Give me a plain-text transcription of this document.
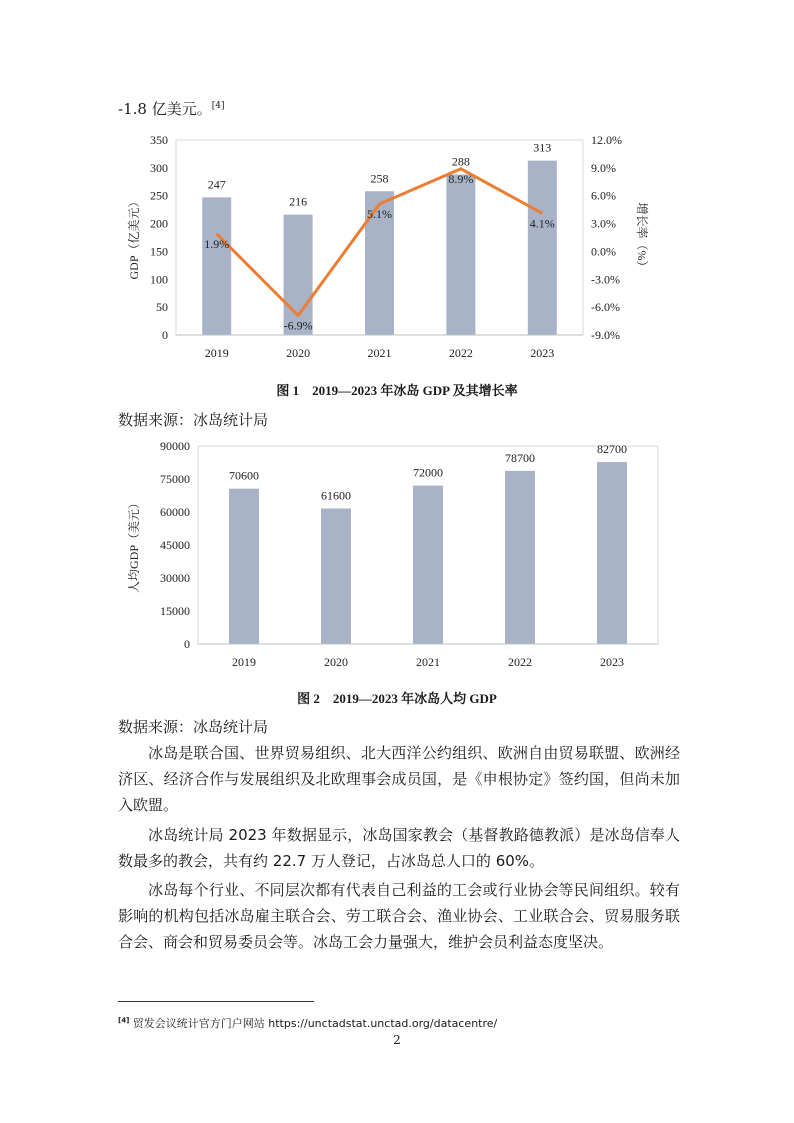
-1.8 亿美元。[4]
0
50
100
150
200
250
300
350
247
216
258
288
313
2019	2020	2021	2022	2023
GDP（亿美元）
-9.0%
-6.0%
-3.0%
0.0%
3.0%
6.0%
9.0%
12.0%
1.9%
-6.9%
5.1%
8.9%
4.1%	增长率（%）
图 1　2019—2023 年冰岛 GDP 及其增长率
数据来源：冰岛统计局
0
15000
30000
45000
60000
75000
90000
70600
61600
72000
78700
82700
2019	2020	2021	2022	2023
人均GDP（美元）
图 2　2019—2023 年冰岛人均 GDP
数据来源：冰岛统计局

冰岛是联合国、世界贸易组织、北大西洋公约组织、欧洲自由贸易联盟、欧洲经济区、经济合作与发展组织及北欧理事会成员国，是《申根协定》签约国，但尚未加入欧盟。

冰岛统计局 2023 年数据显示，冰岛国家教会（基督教路德教派）是冰岛信奉人数最多的教会，共有约 22.7 万人登记，占冰岛总人口的 60%。

冰岛每个行业、不同层次都有代表自己利益的工会或行业协会等民间组织。较有影响的机构包括冰岛雇主联合会、劳工联合会、渔业协会、工业联合会、贸易服务联合会、商会和贸易委员会等。冰岛工会力量强大，维护会员利益态度坚决。

[4] 贸发会议统计官方门户网站 https://unctadstat.unctad.org/datacentre/
2
